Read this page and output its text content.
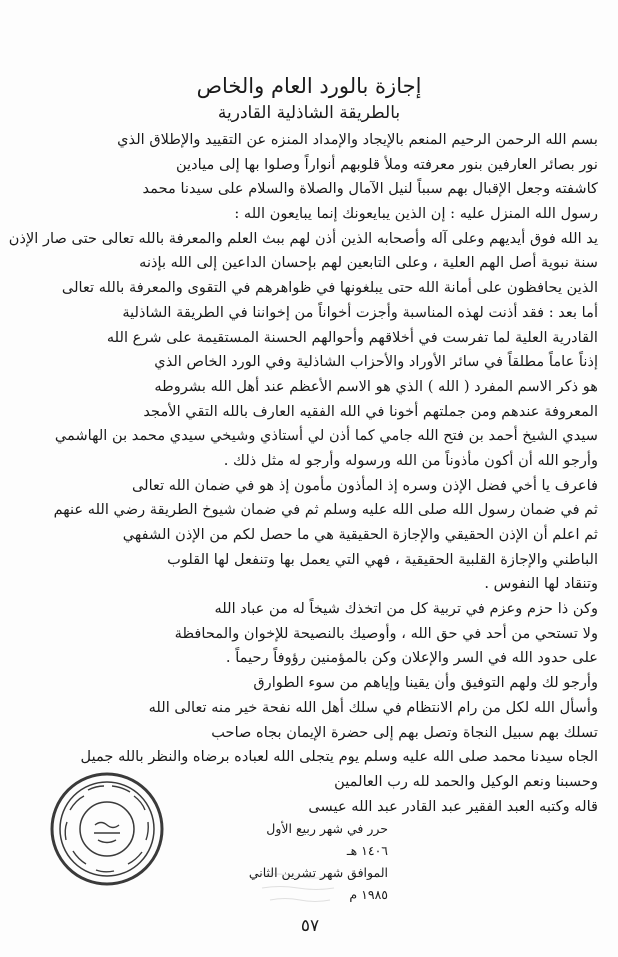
إجازة بالورد العام والخاص
بالطريقة الشاذلية القادرية
بسم الله الرحمن الرحيم المنعم بالإيجاد والإمداد المنزه عن التقييد والإطلاق الذي
نور بصائر العارفين بنور معرفته وملأ قلوبهم أنواراً وصلوا بها إلى ميادين
كاشفته وجعل الإقبال بهم سبباً لنيل الآمال والصلاة والسلام على سيدنا محمد
رسول الله المنزل عليه : إن الذين يبايعونك إنما يبايعون الله :
يد الله فوق أيديهم وعلى آله وأصحابه الذين أذن لهم ببث العلم والمعرفة بالله تعالى حتى صار الإذن
سنة نبوية أصل الهم العلية ، وعلى التابعين لهم بإحسان الداعين إلى الله بإذنه
الذين يحافظون على أمانة الله حتى يبلغونها في ظواهرهم في التقوى والمعرفة بالله تعالى
أما بعد : فقد أذنت لهذه المناسبة وأجزت أخواناً من إخواننا في الطريقة الشاذلية
القادرية العلية لما تفرست في أخلاقهم وأحوالهم الحسنة المستقيمة على شرع الله
إذناً عاماً مطلقاً في سائر الأوراد والأحزاب الشاذلية وفي الورد الخاص الذي
هو ذكر الاسم المفرد ( الله ) الذي هو الاسم الأعظم عند أهل الله بشروطه
المعروفة عندهم ومن جملتهم أخونا في الله الفقيه العارف بالله التقي الأمجد
سيدي الشيخ أحمد بن فتح الله جامي كما أذن لي أستاذي وشيخي سيدي محمد بن الهاشمي
وأرجو الله أن أكون مأذوناً من الله ورسوله وأرجو له مثل ذلك .
فاعرف يا أخي فضل الإذن وسره إذ المأذون مأمون إذ هو في ضمان الله تعالى
ثم في ضمان رسول الله صلى الله عليه وسلم ثم في ضمان شيوخ الطريقة رضي الله عنهم
ثم اعلم أن الإذن الحقيقي والإجازة الحقيقية هي ما حصل لكم من الإذن الشفهي
الباطني والإجازة القلبية الحقيقية ، فهي التي يعمل بها وتنفعل لها القلوب
وتنقاد لها النفوس .
وكن ذا حزم وعزم في تربية كل من اتخذك شيخاً له من عباد الله
ولا تستحي من أحد في حق الله ، وأوصيك بالنصيحة للإخوان والمحافظة
على حدود الله في السر والإعلان وكن بالمؤمنين رؤوفاً رحيماً .
وأرجو لك ولهم التوفيق وأن يقينا وإياهم من سوء الطوارق
وأسأل الله لكل من رام الانتظام في سلك أهل الله نفحة خير منه تعالى الله
تسلك بهم سبيل النجاة وتصل بهم إلى حضرة الإيمان بجاه صاحب
الجاه سيدنا محمد صلى الله عليه وسلم يوم يتجلى الله لعباده برضاه والنظر بالله جميل
وحسبنا ونعم الوكيل والحمد لله رب العالمين
قاله وكتبه العبد الفقير عبد القادر عبد الله عيسى
حرر في شهر ربيع الأول ١٤٠٦ هـ
الموافق شهر تشرين الثاني ١٩٨٥ م
٥٧
